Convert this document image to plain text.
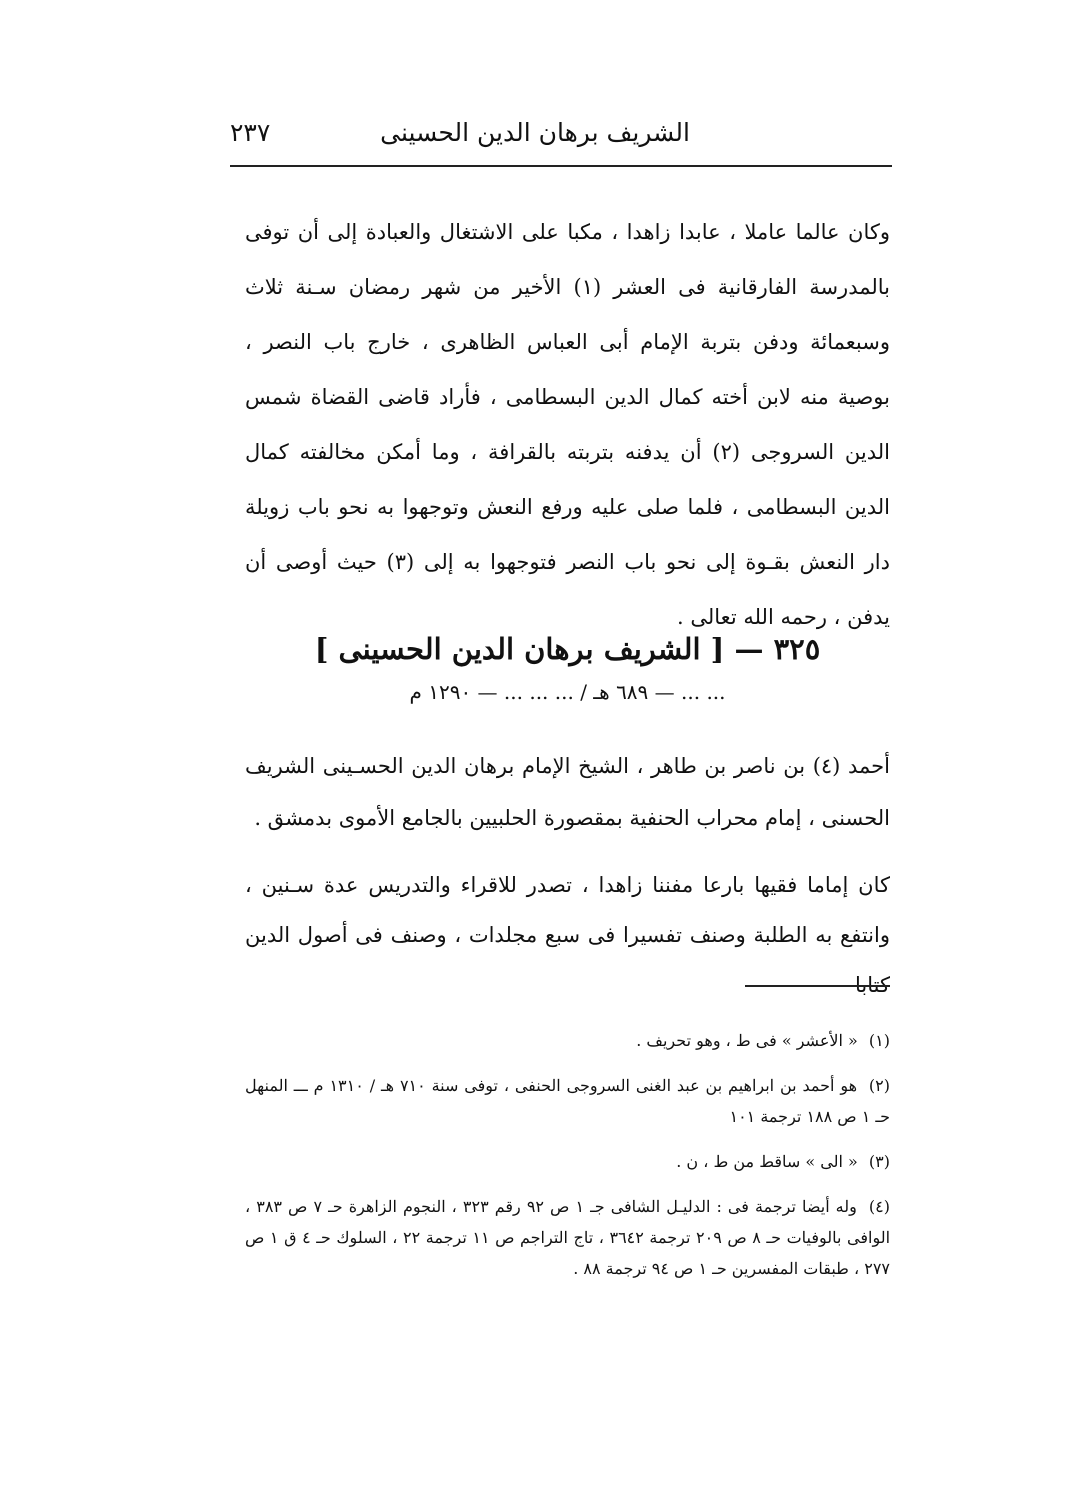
الشريف برهان الدين الحسينى
٢٣٧
وكان عالما عاملا ، عابدا زاهدا ، مكبا على الاشتغال والعبادة إلى أن توفى بالمدرسة الفارقانية فى العشر (١) الأخير من شهر رمضان سـنة ثلاث وسبعمائة ودفن بتربة الإمام أبى العباس الظاهرى ، خارج باب النصر ، بوصية منه لابن أخته كمال الدين البسطامى ، فأراد قاضى القضاة شمس الدين السروجى (٢) أن يدفنه بتربته بالقرافة ، وما أمكن مخالفته كمال الدين البسطامى ، فلما صلى عليه ورفع النعش وتوجهوا به نحو باب زويلة دار النعش بقـوة إلى نحو باب النصر فتوجهوا به إلى (٣) حيث أوصى أن يدفن ، رحمه الله تعالى .
٣٢٥ — [ الشريف برهان الدين الحسينى ]
... ... — ٦٨٩ هـ / ... ... ... — ١٢٩٠ م
أحمد (٤) بن ناصر بن طاهر ، الشيخ الإمام برهان الدين الحسـينى الشريف الحسنى ، إمام محراب الحنفية بمقصورة الحلبيين بالجامع الأموى بدمشق .
كان إماما فقيها بارعا مفننا زاهدا ، تصدر للاقراء والتدريس عدة سـنين ، وانتفع به الطلبة وصنف تفسيرا فى سبع مجلدات ، وصنف فى أصول الدين كتابا
(١) « الأعشر » فى ط ، وهو تحريف .
(٢) هو أحمد بن ابراهيم بن عبد الغنى السروجى الحنفى ، توفى سنة ٧١٠ هـ / ١٣١٠ م ـــ المنهل حـ ١ ص ١٨٨ ترجمة ١٠١
(٣) « الى » ساقط من ط ، ن .
(٤) وله أيضا ترجمة فى : الدليـل الشافى جـ ١ ص ٩٢ رقم ٣٢٣ ، النجوم الزاهرة حـ ٧ ص ٣٨٣ ، الوافى بالوفيات حـ ٨ ص ٢٠٩ ترجمة ٣٦٤٢ ، تاج التراجم ص ١١ ترجمة ٢٢ ، السلوك حـ ٤ ق ١ ص ٢٧٧ ، طبقات المفسرين حـ ١ ص ٩٤ ترجمة ٨٨ .
